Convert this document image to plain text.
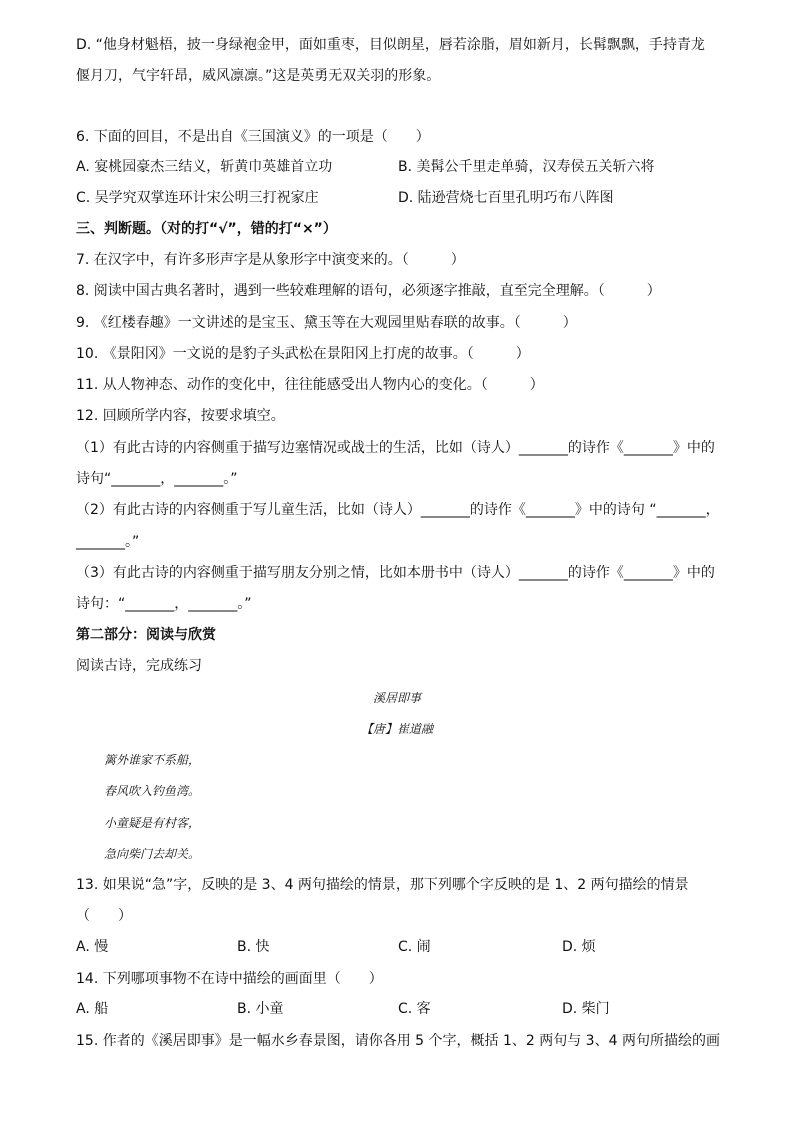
D. “他身材魁梧，披一身绿袍金甲，面如重枣，目似朗星，唇若涂脂，眉如新月，长髯飘飘，手持青龙
偃月刀，气宇轩昂，威风凛凛。”这是英勇无双关羽的形象。
6. 下面的回目，不是出自《三国演义》的一项是（　　）
A. 宴桃园豪杰三结义，斩黄巾英雄首立功	B. 美髯公千里走单骑，汉寿侯五关斩六将
C. 吴学究双掌连环计宋公明三打祝家庄	D. 陆逊营烧七百里孔明巧布八阵图
三、判断题。（对的打“√”，错的打“×”）
7. 在汉字中，有许多形声字是从象形字中演变来的。（　　　）
8. 阅读中国古典名著时，遇到一些较难理解的语句，必须逐字推敲，直至完全理解。（　　　）
9. 《红楼春趣》一文讲述的是宝玉、黛玉等在大观园里贴春联的故事。（　　　）
10. 《景阳冈》一文说的是豹子头武松在景阳冈上打虎的故事。（　　　）
11. 从人物神态、动作的变化中，往往能感受出人物内心的变化。（　　　）
12. 回顾所学内容，按要求填空。
（1）有此古诗的内容侧重于描写边塞情况或战士的生活，比如（诗人）_______的诗作《_______》中的
诗句“_______，_______。”
（2）有此古诗的内容侧重于写儿童生活，比如（诗人）_______的诗作《_______》中的诗句 “_______，
_______。”
（3）有此古诗的内容侧重于描写朋友分别之情，比如本册书中（诗人）_______的诗作《_______》中的
诗句：“_______，_______。”
第二部分：阅读与欣赏
阅读古诗，完成练习
溪居即事
【唐】崔道融
篱外谁家不系船，
春风吹入钓鱼湾。
小童疑是有村客，
急向柴门去却关。
13. 如果说“急”字，反映的是 3、4 两句描绘的情景，那下列哪个字反映的是 1、2 两句描绘的情景
（　　）
A. 慢	B. 快	C. 闹	D. 烦
14. 下列哪项事物不在诗中描绘的画面里（　　）
A. 船	B. 小童	C. 客	D. 柴门
15. 作者的《溪居即事》是一幅水乡春景图，请你各用 5 个字，概括 1、2 两句与 3、4 两句所描绘的画
